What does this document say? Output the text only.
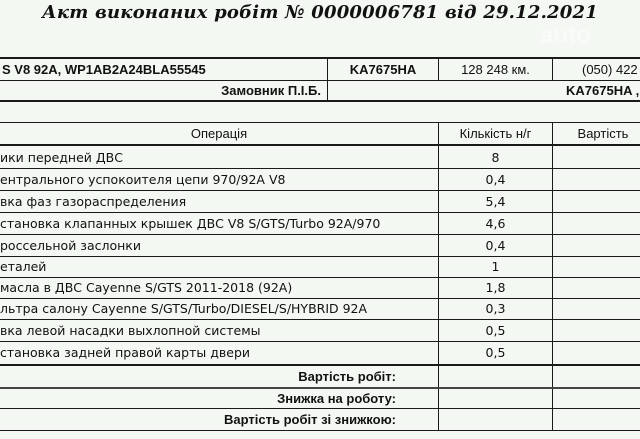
Акт виконаних робіт № 0000006781 від 29.12.2021
auto
S V8 92A, WP1AB2A24BLA55545	KA7675HA	128 248 км.	(050) 422
Замовник П.І.Б.	KA7675HA ,
Операція	Кількість н/г	Вартість
ики передней ДВС	8
ентрального успокоителя цепи 970/92A V8	0,4
вка фаз газораспределения	5,4
становка клапанных крышек ДВС V8 S/GTS/Turbo 92A/970	4,6
россельной заслонки	0,4
еталей	1
масла в ДВС Cayenne S/GTS 2011-2018 (92A)	1,8
льтра салону Cayenne S/GTS/Turbo/DIESEL/S/HYBRID 92A	0,3
вка левой насадки выхлопной системы	0,5
становка задней правой карты двери	0,5
Вартість робіт:
Знижка на роботу:
Вартість робіт зі знижкою:
